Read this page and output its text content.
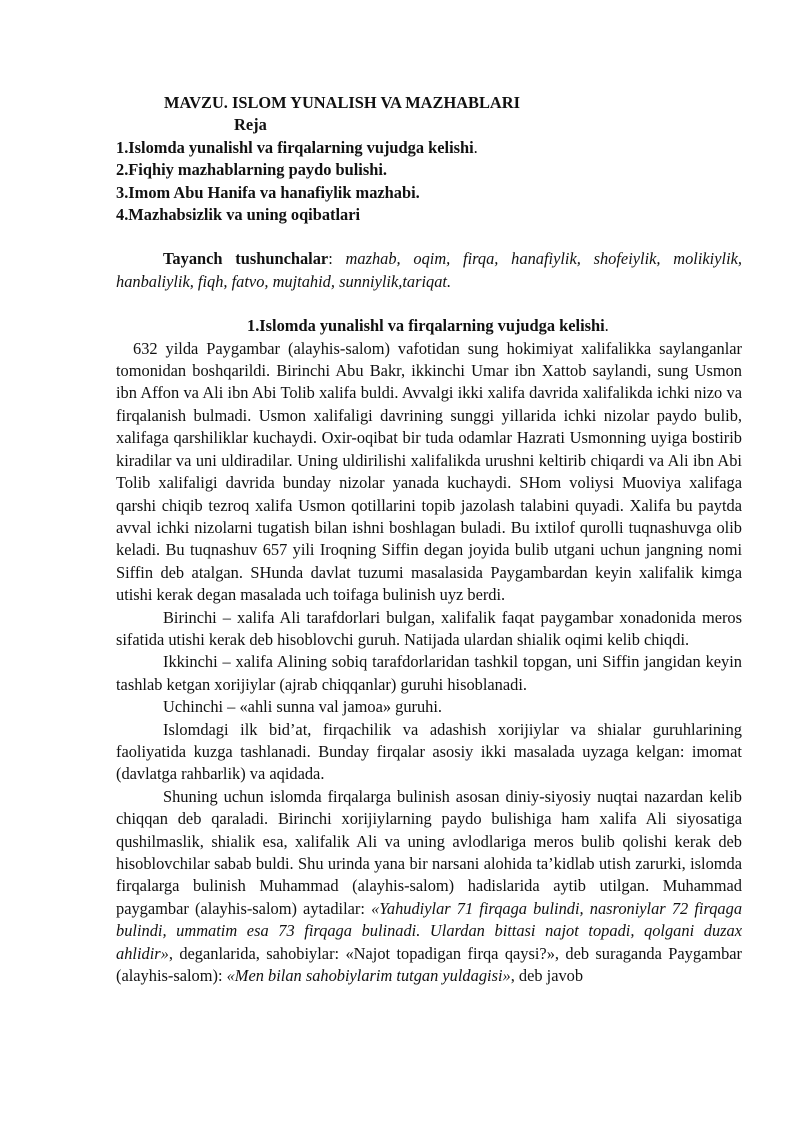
MAVZU. ISLOM YUNALISH VA MAZHABLARI

Reja

1.Islomda yunalishl va firqalarning vujudga kelishi.

2.Fiqhiy mazhablarning paydo bulishi.

3.Imom Abu Hanifa va hanafiylik mazhabi.

4.Mazhabsizlik va uning oqibatlari

Tayanch tushunchalar: mazhab, oqim, firqa, hanafiylik, shofeiylik, molikiylik, hanbaliylik, fiqh, fatvo, mujtahid, sunniylik,tariqat.

1.Islomda yunalishl va firqalarning vujudga kelishi.

632 yilda Paygambar (alayhis-salom) vafotidan sung hokimiyat xalifalikka saylanganlar tomonidan boshqarildi. Birinchi Abu Bakr, ikkinchi Umar ibn Xattob saylandi, sung Usmon ibn Affon va Ali ibn Abi Tolib xalifa buldi. Avvalgi ikki xalifa davrida xalifalikda ichki nizo va firqalanish bulmadi. Usmon xalifaligi davrining sunggi yillarida ichki nizolar paydo bulib, xalifaga qarshiliklar kuchaydi. Oxir-oqibat bir tuda odamlar Hazrati Usmonning uyiga bostirib kiradilar va uni uldiradilar. Uning uldirilishi xalifalikda urushni keltirib chiqardi va Ali ibn Abi Tolib xalifaligi davrida bunday nizolar yanada kuchaydi. SHom voliysi Muoviya xalifaga qarshi chiqib tezroq xalifa Usmon qotillarini topib jazolash talabini quyadi. Xalifa bu paytda avval ichki nizolarni tugatish bilan ishni boshlagan buladi. Bu ixtilof qurolli tuqnashuvga olib keladi. Bu tuqnashuv 657 yili Iroqning Siffin degan joyida bulib utgani uchun jangning nomi Siffin deb atalgan. SHunda davlat tuzumi masalasida Paygambardan keyin xalifalik kimga utishi kerak degan masalada uch toifaga bulinish uyz berdi.

Birinchi – xalifa Ali tarafdorlari bulgan, xalifalik faqat paygambar xonadonida meros sifatida utishi kerak deb hisoblovchi guruh. Natijada ulardan shialik oqimi kelib chiqdi.

Ikkinchi – xalifa Alining sobiq tarafdorlaridan tashkil topgan, uni Siffin jangidan keyin tashlab ketgan xorijiylar (ajrab chiqqanlar) guruhi hisoblanadi.

Uchinchi – «ahli sunna val jamoa» guruhi.

Islomdagi ilk bid’at, firqachilik va adashish xorijiylar va shialar guruhlarining faoliyatida kuzga tashlanadi. Bunday firqalar asosiy ikki masalada uyzaga kelgan: imomat (davlatga rahbarlik) va aqidada.

Shuning uchun islomda firqalarga bulinish asosan diniy-siyosiy nuqtai nazardan kelib chiqqan deb qaraladi. Birinchi xorijiylarning paydo bulishiga ham xalifa Ali siyosatiga qushilmaslik, shialik esa, xalifalik Ali va uning avlodlariga meros bulib qolishi kerak deb hisoblovchilar sabab buldi. Shu urinda yana bir narsani alohida ta’kidlab utish zarurki, islomda firqalarga bulinish Muhammad (alayhis-salom) hadislarida aytib utilgan. Muhammad paygambar (alayhis-salom) aytadilar: «Yahudiylar 71 firqaga bulindi, nasroniylar 72 firqaga bulindi, ummatim esa 73 firqaga bulinadi. Ulardan bittasi najot topadi, qolgani duzax ahlidir», deganlarida, sahobiylar: «Najot topadigan firqa qaysi?», deb suraganda Paygambar (alayhis-salom): «Men bilan sahobiylarim tutgan yuldagisi», deb javob
